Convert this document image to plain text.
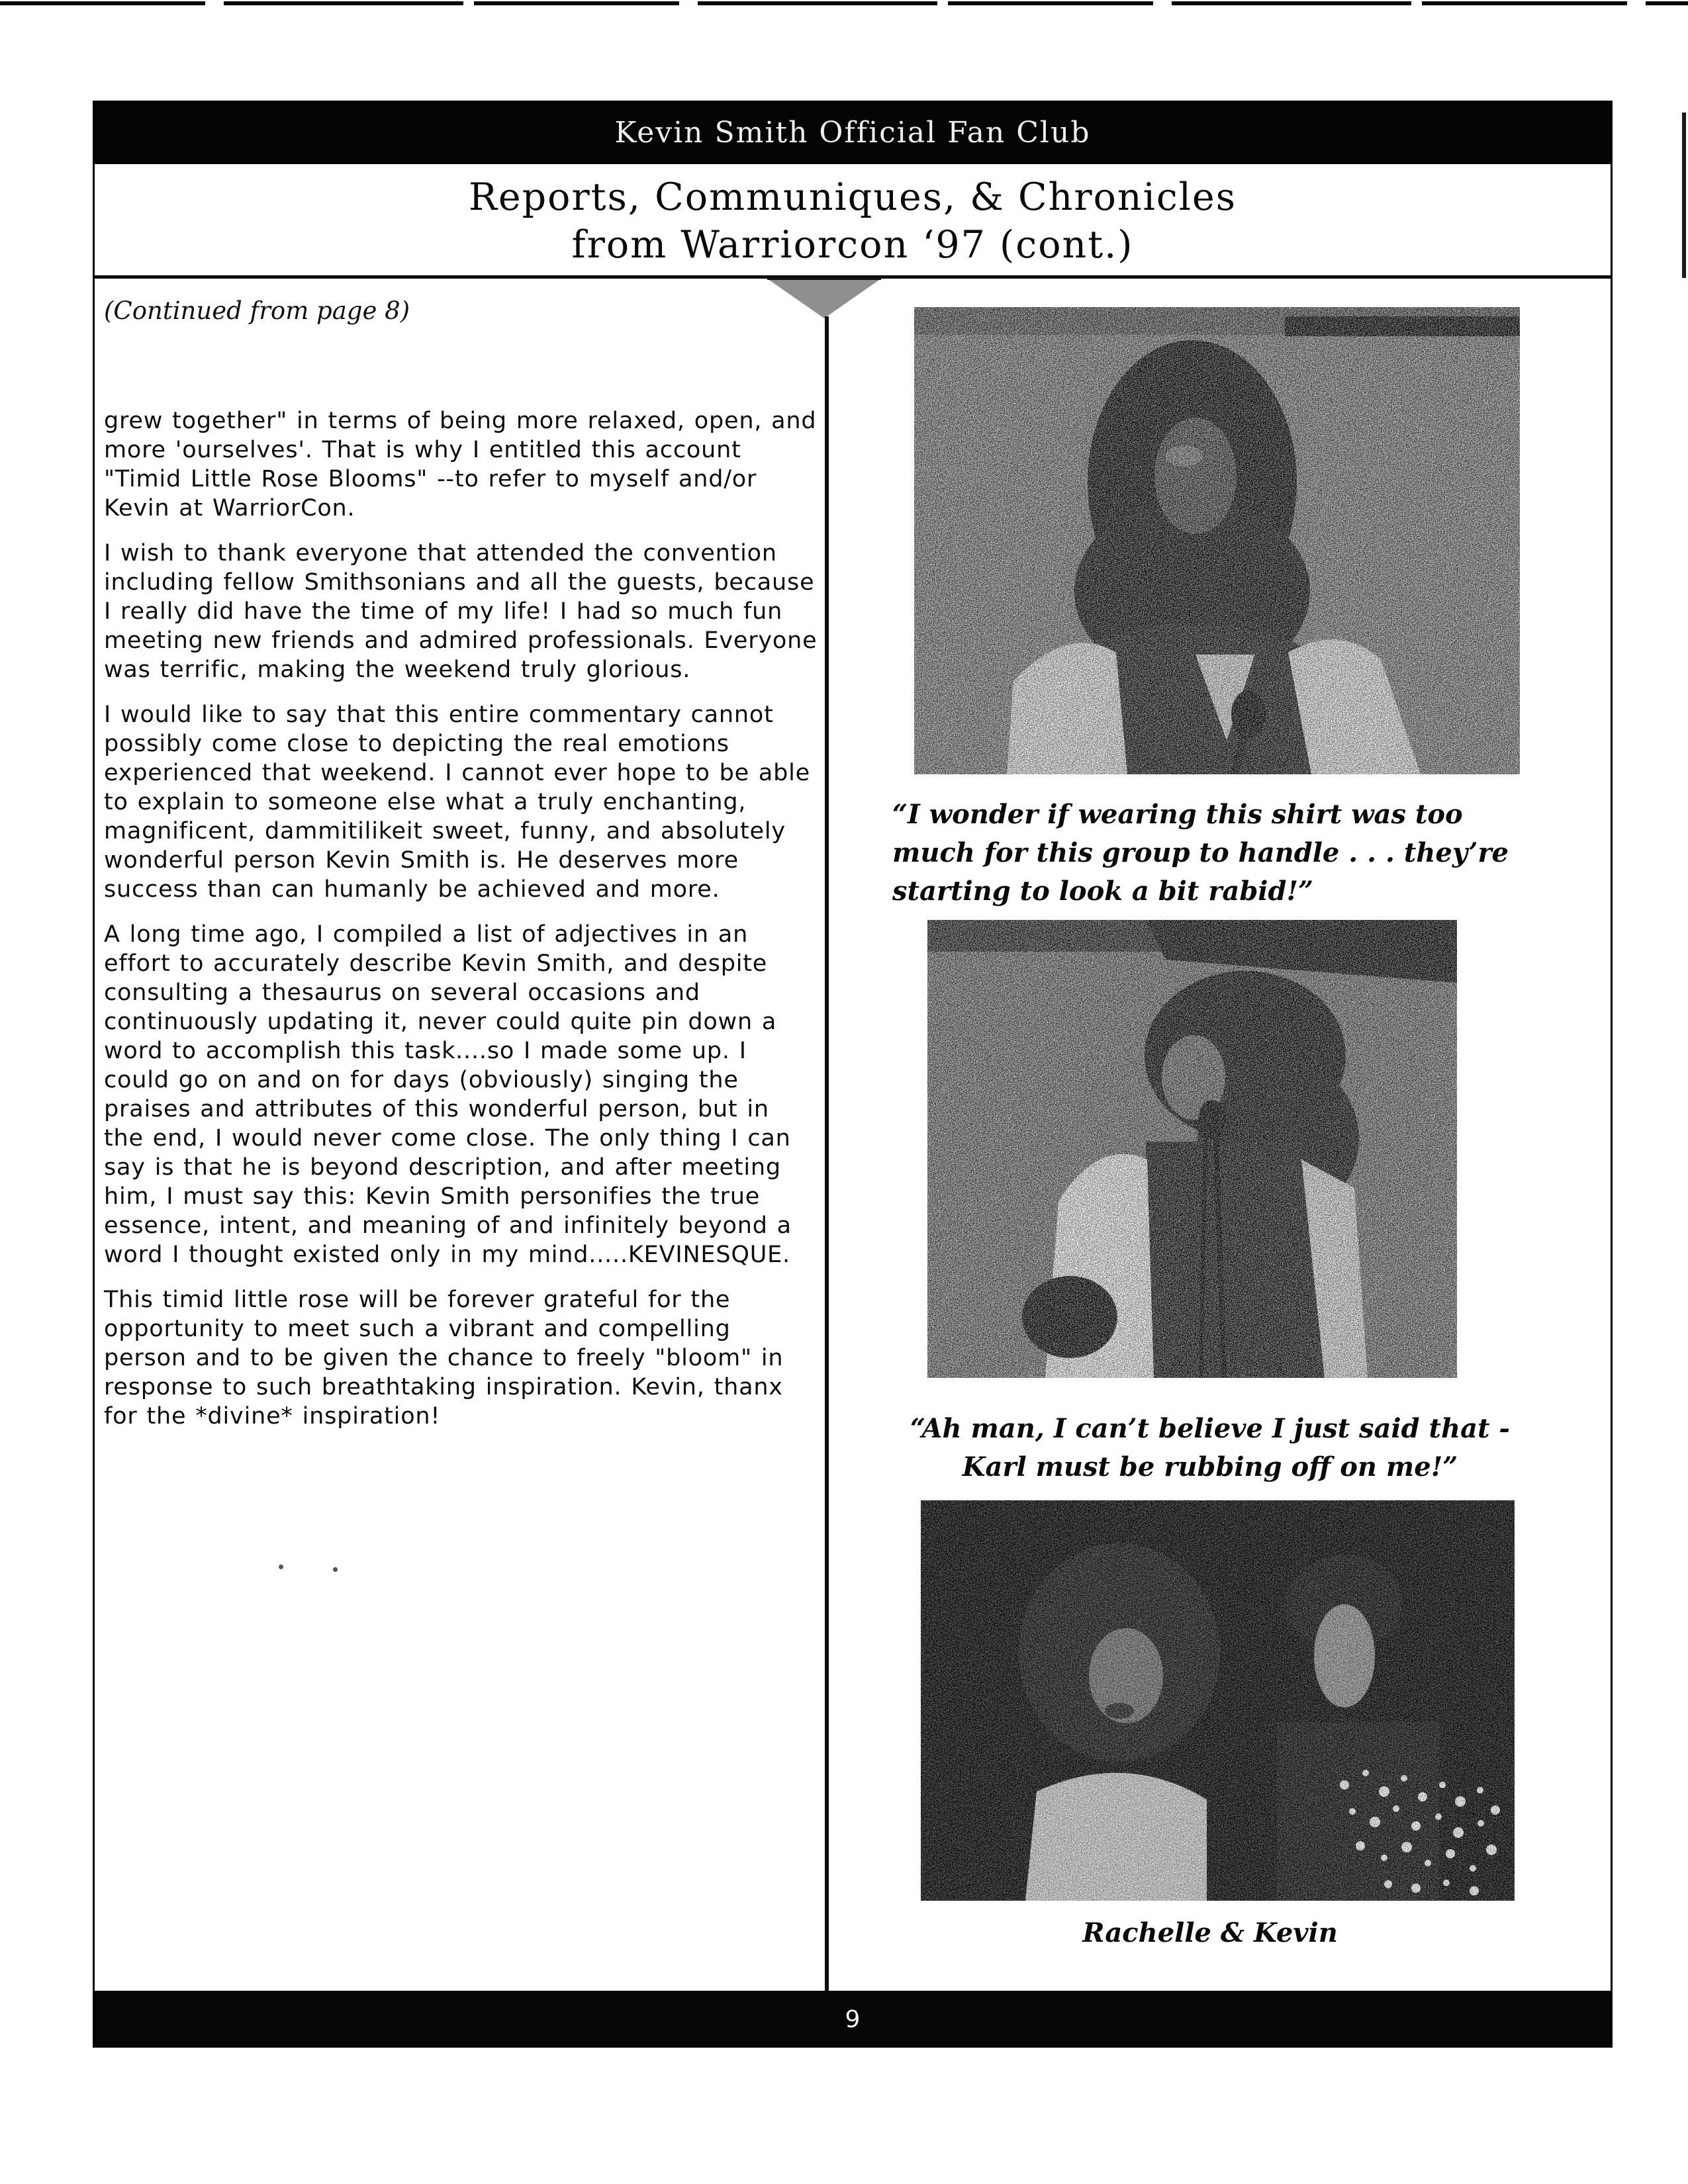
Kevin Smith Official Fan Club
Reports, Communiques, & Chronicles
from Warriorcon ‘97 (cont.)
(Continued from page 8)

grew together" in terms of being more relaxed, open, and more 'ourselves'. That is why I entitled this account "Timid Little Rose Blooms" --to refer to myself and/or Kevin at WarriorCon.

I wish to thank everyone that attended the convention including fellow Smithsonians and all the guests, because I really did have the time of my life! I had so much fun meeting new friends and admired professionals. Everyone was terrific, making the weekend truly glorious.

I would like to say that this entire commentary cannot possibly come close to depicting the real emotions experienced that weekend. I cannot ever hope to be able to explain to someone else what a truly enchanting, magnificent, dammitilikeit sweet, funny, and absolutely wonderful person Kevin Smith is. He deserves more success than can humanly be achieved and more.

A long time ago, I compiled a list of adjectives in an effort to accurately describe Kevin Smith, and despite consulting a thesaurus on several occasions and continuously updating it, never could quite pin down a word to accomplish this task....so I made some up. I could go on and on for days (obviously) singing the praises and attributes of this wonderful person, but in the end, I would never come close. The only thing I can say is that he is beyond description, and after meeting him, I must say this: Kevin Smith personifies the true essence, intent, and meaning of and infinitely beyond a word I thought existed only in my mind.....KEVINESQUE.

This timid little rose will be forever grateful for the opportunity to meet such a vibrant and compelling person and to be given the chance to freely "bloom" in response to such breathtaking inspiration. Kevin, thanx for the *divine* inspiration!

“I wonder if wearing this shirt was too much for this group to handle . . . they’re starting to look a bit rabid!”
“Ah man, I can’t believe I just said that - Karl must be rubbing off on me!”
Rachelle & Kevin
9
